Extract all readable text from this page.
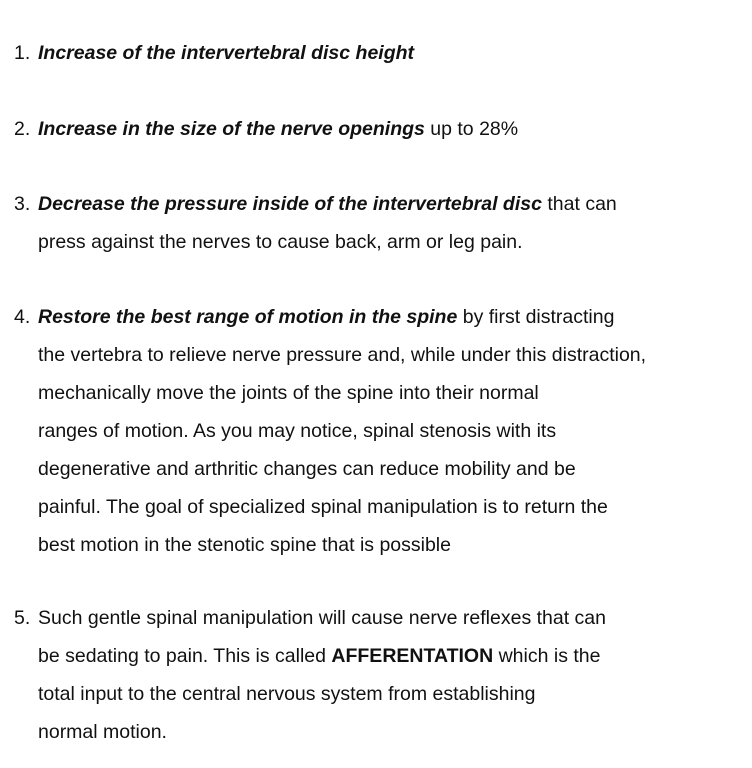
1. Increase of the intervertebral disc height
2. Increase in the size of the nerve openings up to 28%
3. Decrease the pressure inside of the intervertebral disc that can
press against the nerves to cause back, arm or leg pain.
4. Restore the best range of motion in the spine by first distracting
the vertebra to relieve nerve pressure and, while under this distraction,
mechanically move the joints of the spine into their normal
ranges of motion. As you may notice, spinal stenosis with its
degenerative and arthritic changes can reduce mobility and be
painful. The goal of specialized spinal manipulation is to return the
best motion in the stenotic spine that is possible
5. Such gentle spinal manipulation will cause nerve reflexes that can
be sedating to pain. This is called AFFERENTATION which is the
total input to the central nervous system from establishing
normal motion.
